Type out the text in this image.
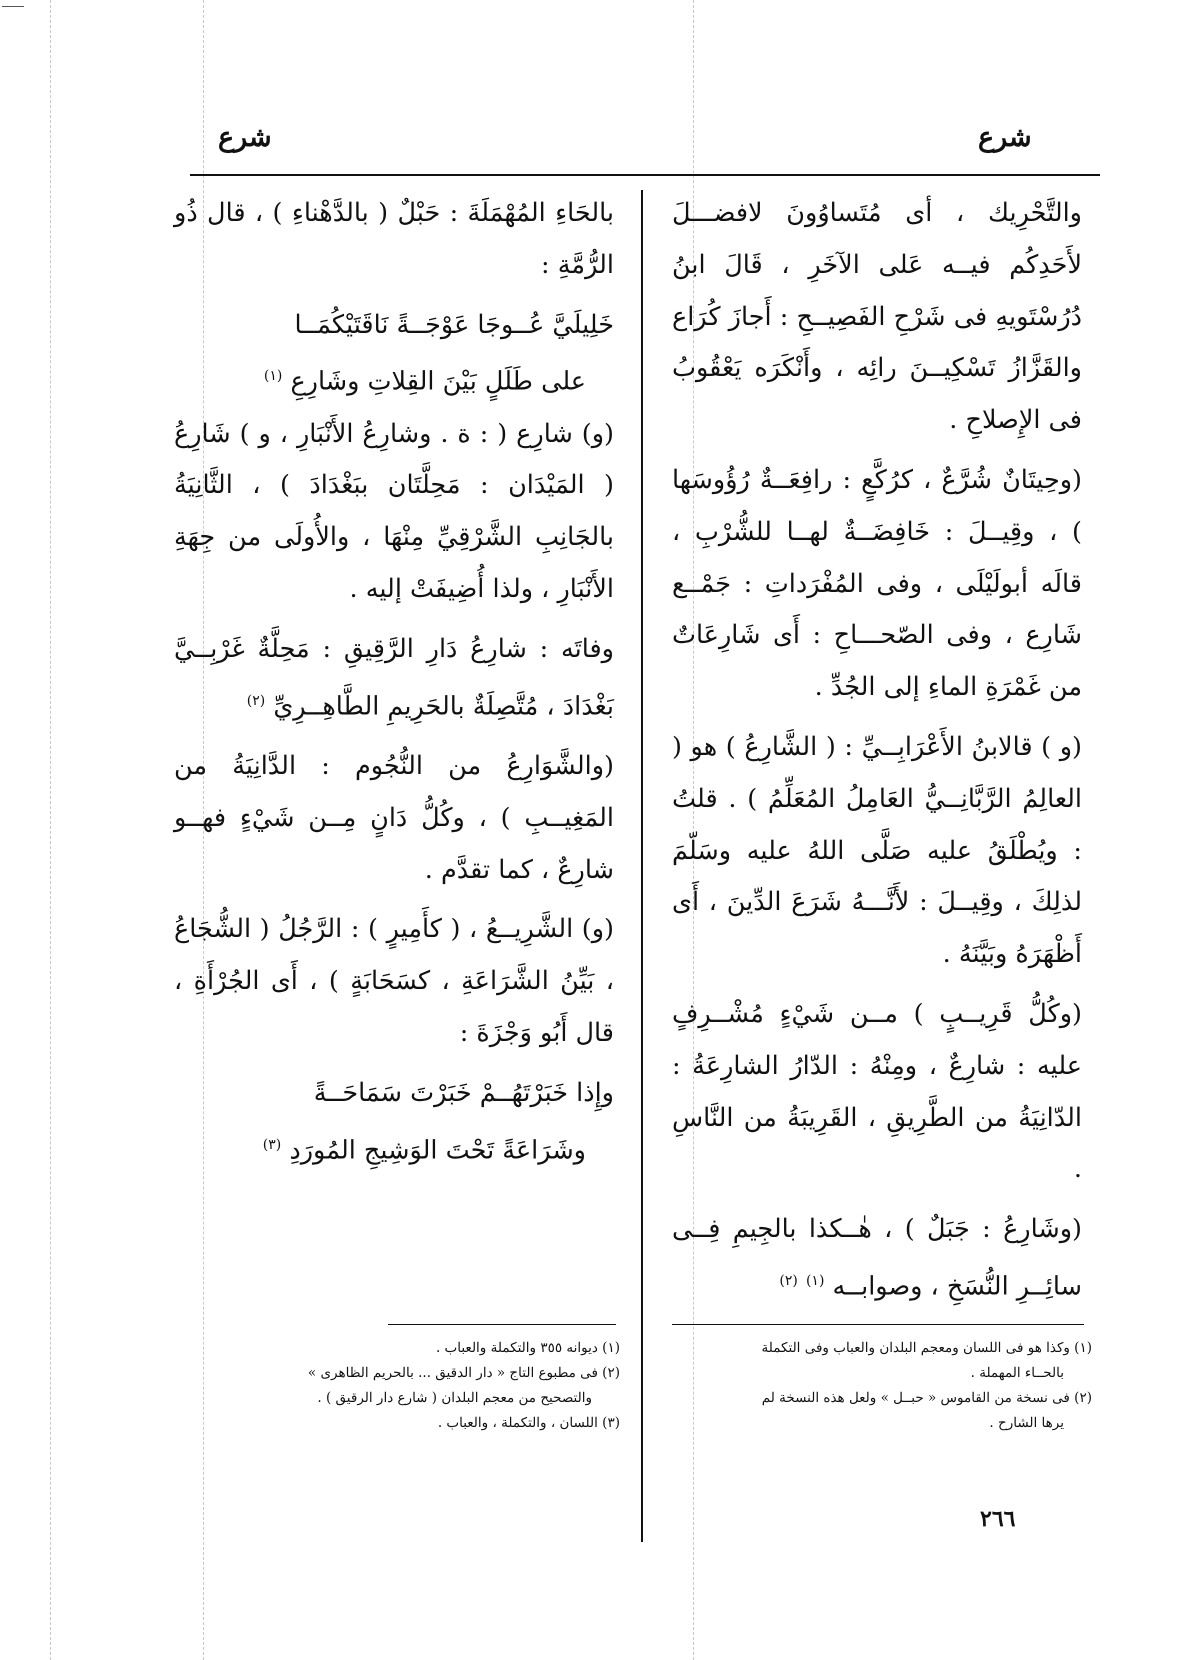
شرع	شرع

والتَّحْرِيك ، أى مُتَساوُونَ لافضـــلَ لأَحَدِكُم فيــه عَلى الآخَرِ ، قَالَ ابنُ دُرُسْتَويهِ فى شَرْحِ الفَصِيــحِ : أَجازَ كُرَاع والقَزَّازُ تَسْكِيــنَ رائِه ، وأَنْكَرَه يَعْقُوبُ فى الإِصلاحِ .

(وحِيتَانٌ شُرَّعٌ ، كرُكَّعٍ : رافِعَــةٌ رُؤُوسَها ) ، وقِيــلَ : خَافِضَــةٌ لهــا للشُّرْبِ ، قالَه أبولَيْلَى ، وفى المُفْرَداتِ : جَمْــع شَارِع ، وفى الصّحـــاحِ : أَى شَارِعَاتٌ من غَمْرَةِ الماءِ إلى الجُدِّ .

(و ) قالابنُ الأَعْرَابِــيِّ : ( الشَّارِعُ ) هو ( العالِمُ الرَّبَّانِــيُّ العَامِلُ المُعَلِّمُ ) . قلتُ : ويُطْلَقُ عليه صَلَّى اللهُ عليه وسَلّمَ لذلِكَ ، وقِيــلَ : لأَنَّـــهُ شَرَعَ الدِّينَ ، أَى أَظْهَرَهُ وبَيَّنَهُ .

(وكُلُّ قَرِيــبٍ ) مــن شَيْءٍ مُشْــرِفٍ عليه : شارِعٌ ، ومِنْهُ : الدّارُ الشارِعَةُ : الدّانِيَةُ من الطَّرِيقِ ، القَرِيبَةُ من النَّاسِ .

(وشَارِعُ : جَبَلٌ ) ، هٰــكذا بالجِيمِ فِــى سائِــرِ النُّسَخِ ، وصوابــه $^{(١)}$ $^{(٢)}$

بالحَاءِ المُهْمَلَةَ : حَبْلٌ ( بالدَّهْناءِ ) ، قال ذُو الرُّمَّةِ :

خَلِيلَيَّ عُــوجَا عَوْجَــةً نَاقَتَيْكُمَــا

على طَلَلٍ بَيْنَ القِلاتِ وشَارِعِ $^{(١)}$

(و) شارِع ( : ة . وشارِعُ الأَنْبَارِ ، و ) شَارِعُ ( المَيْدَان : مَحِلَّتَان ببَغْدَادَ ) ، الثَّانِيَةُ بالجَانِبِ الشَّرْقِيِّ مِنْهَا ، والأُولَى من جِهَةِ الأَنْبَارِ ، ولذا أُضِيفَتْ إليه .

وفاتَه : شارِعُ دَارِ الرَّقِيقِ : مَحِلَّةٌ غَرْبِــيَّ بَغْدَادَ ، مُتَّصِلَةٌ بالحَرِيمِ الطَّاهِــرِيِّ $^{(٢)}$

(والشَّوَارِعُ من النُّجُوم : الدَّانِيَةُ من المَغِيــبِ ) ، وكُلُّ دَانٍ مِــن شَيْءٍ فهــو شارِعٌ ، كما تقدَّم .

(و) الشَّرِيــعُ ، ( كأَمِيرٍ ) : الرَّجُلُ ( الشُّجَاعُ ، بَيِّنُ الشَّرَاعَةِ ، كسَحَابَةٍ ) ، أَى الجُرْأَةِ ، قال أَبُو وَجْزَةَ :

وإِذا خَبَرْتَهُــمْ خَبَرْتَ سَمَاحَــةً

وشَرَاعَةً تَحْتَ الوَشِيجِ المُورَدِ $^{(٣)}$

(١) وكذا هو فى اللسان ومعجم البلدان والعباب وفى التكملة

بالحــاء المهملة .

(٢) فى نسخة من القاموس « حبــل » ولعل هذه النسخة لم

يرها الشارح .

(١) ديوانه ٣٥٥ والتكملة والعباب .

(٢) فى مطبوع التاج « دار الدقيق ... بالحريم الظاهرى »

والتصحيح من معجم البلدان ( شارع دار الرقيق ) .

(٣) اللسان ، والتكملة ، والعباب .

٢٦٦
